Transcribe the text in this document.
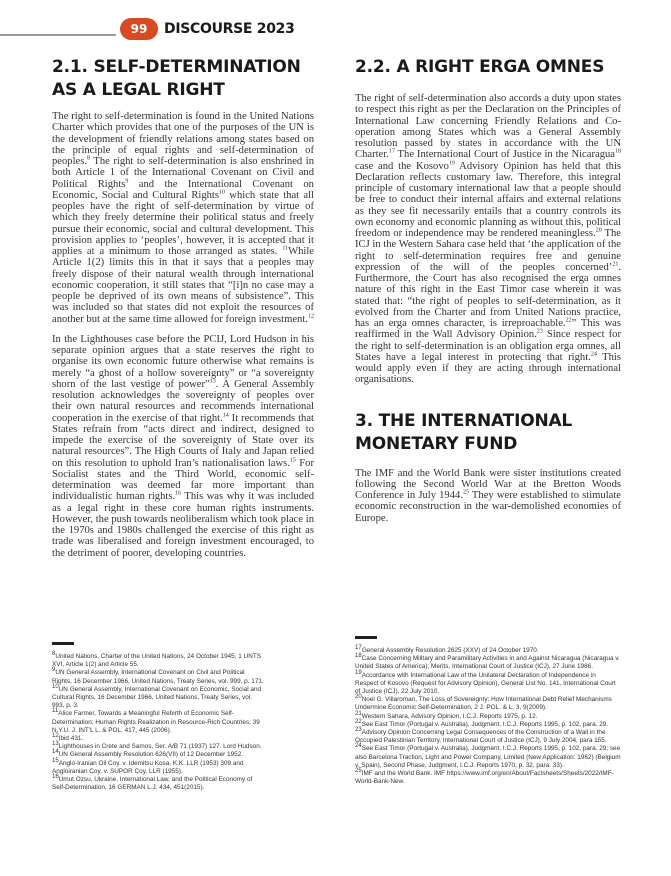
99	DISCOURSE 2023
2.1. SELF-DETERMINATION AS A LEGAL RIGHT

The right to self-determination is found in the United Nations Charter which provides that one of the purposes of the UN is the development of friendly relations among states based on the principle of equal rights and self-determination of peoples.$^8$ The right to self-determination is also enshrined in both Article 1 of the International Covenant on Civil and Political Rights$^9$ and the International Covenant on Economic, Social and Cultural Rights$^{10}$ which state that all peoples have the right of self-determination by virtue of which they freely determine their political status and freely pursue their economic, social and cultural development. This provision applies to ‘peoples’, however, it is accepted that it applies at a minimum to those arranged as states. $^{11}$While Article 1(2) limits this in that it says that a peoples may freely dispose of their natural wealth through international economic cooperation, it still states that “[i]n no case may a people be deprived of its own means of subsistence”. This was included so that states did not exploit the resources of another but at the same time allowed for foreign investment.$^{12}$

In the Lighthouses case before the PCIJ, Lord Hudson in his separate opinion argues that a state reserves the right to organise its own economic future otherwise what remains is merely “a ghost of a hollow sovereignty” or “a sovereignty shorn of the last vestige of power”$^{13}$. A General Assembly resolution acknowledges the sovereignty of peoples over their own natural resources and recommends international cooperation in the exercise of that right.$^{14}$ It recommends that States refrain from “acts direct and indirect, designed to impede the exercise of the sovereignty of State over its natural resources”. The High Courts of Italy and Japan relied on this resolution to uphold Iran’s nationalisation laws.$^{15}$ For Socialist states and the Third World, economic self-determination was deemed far more important than individualistic human rights.$^{16}$ This was why it was included as a legal right in these core human rights instruments. However, the push towards neoliberalism which took place in the 1970s and 1980s challenged the exercise of this right as trade was liberalised and foreign investment encouraged, to the detriment of poorer, developing countries.

2.2. A RIGHT ERGA OMNES

The right of self-determination also accords a duty upon states to respect this right as per the Declaration on the Principles of International Law concerning Friendly Relations and Co-operation among States which was a General Assembly resolution passed by states in accordance with the UN Charter.$^{17}$ The International Court of Justice in the Nicaragua$^{18}$ case and the Kosovo$^{19}$ Advisory Opinion has held that this Declaration reflects customary law. Therefore, this integral principle of customary international law that a people should be free to conduct their internal affairs and external relations as they see fit necessarily entails that a country controls its own economy and economic planning as without this, political freedom or independence may be rendered meaningless.$^{20}$ The ICJ in the Western Sahara case held that ‘the application of the right to self-determination requires free and genuine expression of the will of the peoples concerned’$^{21}$. Furthermore, the Court has also recognised the erga omnes nature of this right in the East Timor case wherein it was stated that: “the right of peoples to self-determination, as it evolved from the Charter and from United Nations practice, has an erga omnes character, is irreproachable.$^{22}$” This was reaffirmed in the Wall Advisory Opinion.$^{23}$ Since respect for the right to self-determination is an obligation erga omnes, all States have a legal interest in protecting that right.$^{24}$ This would apply even if they are acting through international organisations.

3. THE INTERNATIONAL MONETARY FUND

The IMF and the World Bank were sister institutions created following the Second World War at the Bretton Woods Conference in July 1944.25 They were established to stimulate economic reconstruction in the war-demolished economies of Europe.

$^8$United Nations, Charter of the United Nations, 24 October 1945, 1 UNTS XVI, Article 1(2) and Article 55.
$^9$UN General Assembly, International Covenant on Civil and Political Rights, 16 December 1966, United Nations, Treaty Series, vol. 999, p. 171.
$^{10}$UN General Assembly, International Covenant on Economic, Social and Cultural Rights, 16 December 1966, United Nations, Treaty Series, vol. 993, p. 3.
$^{11}$Alice Farmer, Towards a Meaningful Rebirth of Economic Self-Determination: Human Rights Realization in Resource-Rich Countries, 39 N.Y.U. J. INT'L L. & POL. 417, 445 (2006).
$^{12}$Ibid 431.
$^{13}$Lighthouses in Crete and Samos, Ser. A/B 71 (1937) 127. Lord Hudson.
$^{14}$UN General Assembly Resolution 626(VII) of 12 December 1952.
$^{15}$Anglo-Iranian Oil Coy. v. Idemitsu Kosa, K.K. LLR (1953) 309 and Angloiranian Coy. v. SUPOR Coy. LLR (1955).
$^{16}$Umut Ozsu, Ukraine, International Law, and the Political Economy of Self-Determination, 16 GERMAN L.J. 434, 451(2015).
$^{17}$General Assembly Resolution 2625 (XXV) of 24 October 1970.
$^{18}$Case Concerning Military and Paramilitary Activities in and Against Nicaragua (Nicaragua v. United States of America); Merits, International Court of Justice (ICJ), 27 June 1986.
$^{19}$Accordance with International Law of the Unilateral Declaration of Independence in Respect of Kosovo (Request for Advisory Opinion), General List No. 141, International Court of Justice (ICJ), 22 July 2010.
$^{20}$Noel G. Villaroman, The Loss of Sovereignty: How International Debt Relief Mechanisms Undermine Economic Self-Determination, 2 J. POL. & L. 3, 9(2009).
$^{21}$Western Sahara, Advisory Opinion, I.C.J. Reports 1975, p. 12.
$^{22}$See East Timor (Portugal v. Australia), Judgment, I.C.J. Reports 1995, p. 102, para. 29.
$^{23}$Advisory Opinion Concerning Legal Consequences of the Construction of a Wall in the Occupied Palestinian Territory, International Court of Justice (ICJ), 9 July 2004, para 155.
$^{24}$See East Timor (Portugal v. Australia), Judgment, I.C.J. Reports 1995, p. 102, para. 29; see also Barcelona Traction, Light and Power Company, Limited (New Application: 1962) (Belgium v. Spain), Second Phase, Judgment, I.C.J. Reports 1970, p. 32, para. 33).
$^{25}$IMF and the World Bank. IMF https://www.imf.org/en/About/Factsheets/Sheets/2022/IMF-World-Bank-New.
